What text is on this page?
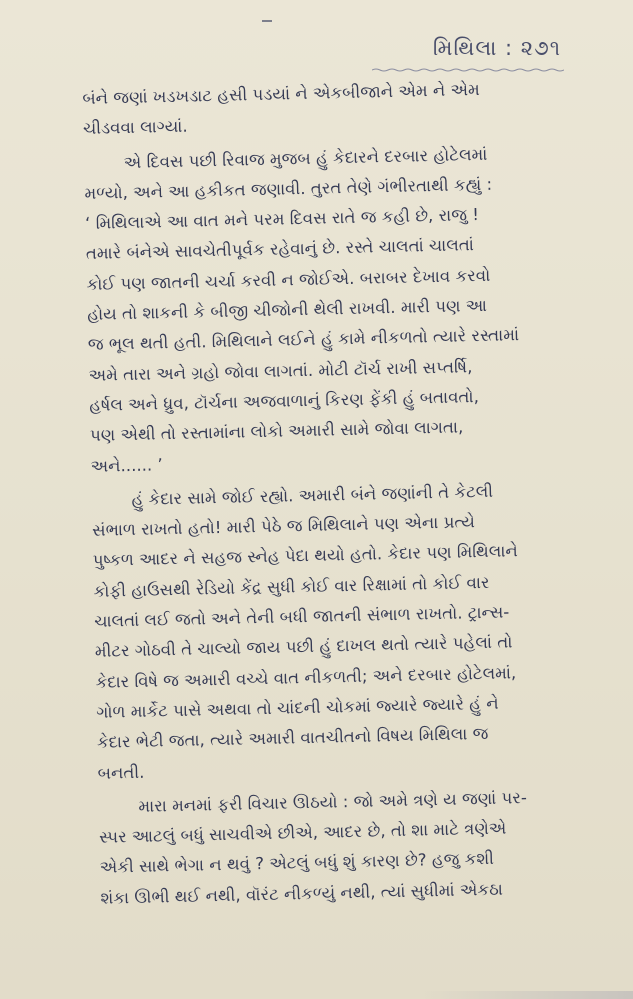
મિથિલા : ૨૭૧

બંને જણાં ખડખડાટ હસી પડયાં ને એકબીજાને એમ ને એમ
ચીડવવા લાગ્યાં.

એ દિવસ પછી રિવાજ મુજબ હું કેદારને દરબાર હોટેલમાં
મળ્યો, અને આ હકીકત જણાવી. તુરત તેણે ગંભીરતાથી કહ્યું :
‘ મિથિલાએ આ વાત મને પરમ દિવસ રાતે જ કહી છે, રાજુ !
તમારે બંનેએ સાવચેતીપૂર્વક રહેવાનું છે. રસ્તે ચાલતાં ચાલતાં
કોઈ પણ જાતની ચર્ચા કરવી ન જોઈએ. બરાબર દેખાવ કરવો
હોય તો શાકની કે બીજી ચીજોની થેલી રાખવી. મારી પણ આ
જ ભૂલ થતી હતી. મિથિલાને લઈને હું કામે નીકળતો ત્યારે રસ્તામાં
અમે તારા અને ગ્રહો જોવા લાગતાં. મોટી ટૉર્ચ રાખી સપ્તર્ષિ,
હર્ષલ અને ધ્રુવ, ટૉર્ચના અજવાળાનું કિરણ ફેંકી હું બતાવતો,
પણ એથી તો રસ્તામાંના લોકો અમારી સામે જોવા લાગતા,
અને...... ’

હું કેદાર સામે જોઈ રહ્યો. અમારી બંને જણાંની તે કેટલી
સંભાળ રાખતો હતો! મારી પેઠે જ મિથિલાને પણ એના પ્રત્યે
પુષ્કળ આદર ને સહજ સ્નેહ પેદા થયો હતો. કેદાર પણ મિથિલાને
કોફી હાઉસથી રેડિયો કેંદ્ર સુધી કોઈ વાર રિક્ષામાં તો કોઈ વાર
ચાલતાં લઈ જતો અને તેની બધી જાતની સંભાળ રાખતો. ટ્રાન્સ-
મીટર ગોઠવી તે ચાલ્યો જાય પછી હું દાખલ થતો ત્યારે પહેલાં તો
કેદાર વિષે જ અમારી વચ્ચે વાત નીકળતી; અને દરબાર હોટેલમાં,
ગોળ માર્કેટ પાસે અથવા તો ચાંદની ચોકમાં જ્યારે જ્યારે હું ને
કેદાર ભેટી જતા, ત્યારે અમારી વાતચીતનો વિષય મિથિલા જ
બનતી.

મારા મનમાં ફરી વિચાર ઊઠયો : જો અમે ત્રણે ય જણાં પર-
સ્પર આટલું બધું સાચવીએ છીએ, આદર છે, તો શા માટે ત્રણેએ
એકી સાથે ભેગા ન થવું ? એટલું બધું શું કારણ છે? હજુ કશી
શંકા ઊભી થઈ નથી, વૉરંટ નીકળ્યું નથી, ત્યાં સુધીમાં એકઠા
